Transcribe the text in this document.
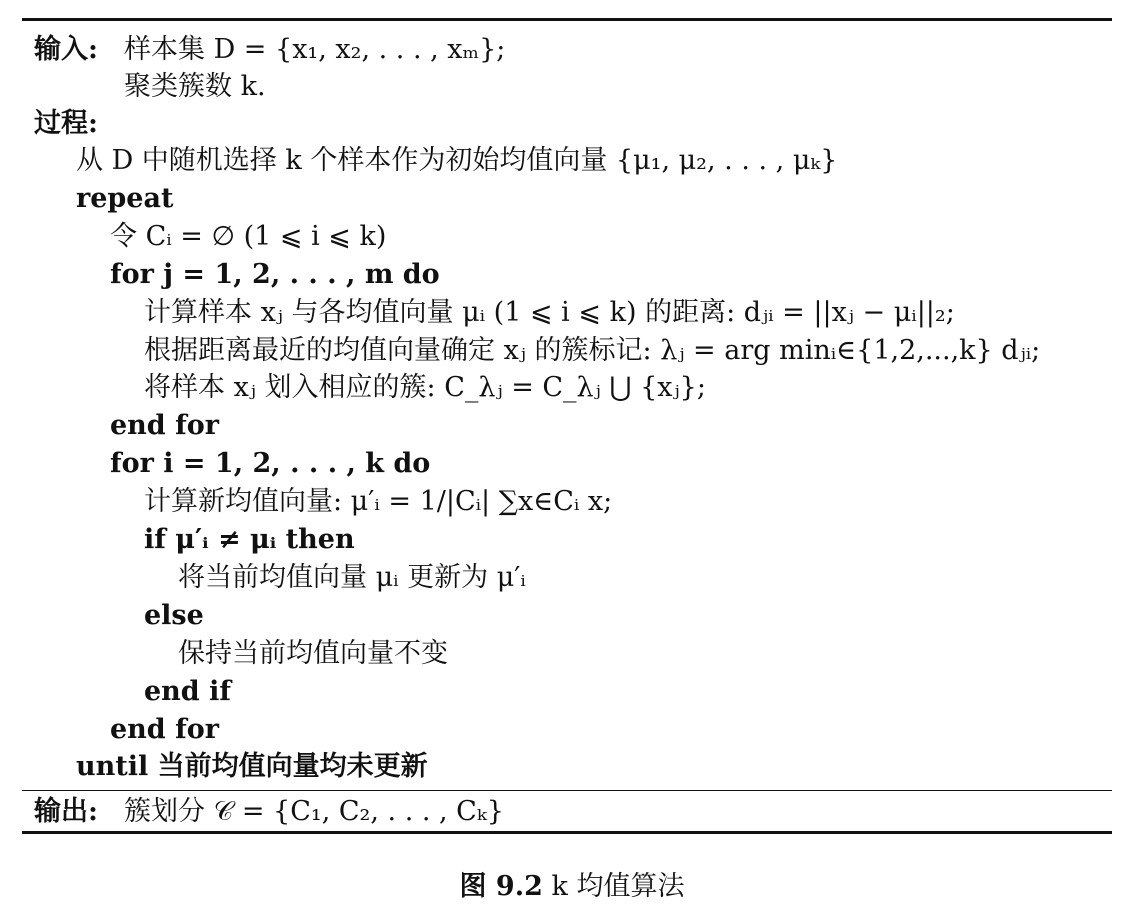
输入: 样本集 D = {x₁, x₂, . . . , xₘ};
聚类簇数 k.
过程:
从 D 中随机选择 k 个样本作为初始均值向量 {μ₁, μ₂, . . . , μₖ}
repeat
令 Cᵢ = ∅ (1 ⩽ i ⩽ k)
for j = 1, 2, . . . , m do
计算样本 xⱼ 与各均值向量 μᵢ (1 ⩽ i ⩽ k) 的距离: dⱼᵢ = ||xⱼ − μᵢ||₂;
根据距离最近的均值向量确定 xⱼ 的簇标记: λⱼ = arg minᵢ∈{1,2,...,k} dⱼᵢ;
将样本 xⱼ 划入相应的簇: C_λⱼ = C_λⱼ ⋃ {xⱼ};
end for
for i = 1, 2, . . . , k do
计算新均值向量: μ′ᵢ = 1/|Cᵢ| ∑x∈Cᵢ x;
if μ′ᵢ ≠ μᵢ then
将当前均值向量 μᵢ 更新为 μ′ᵢ
else
保持当前均值向量不变
end if
end for
until 当前均值向量均未更新
输出: 簇划分 𝒞 = {C₁, C₂, . . . , Cₖ}
图 9.2 k 均值算法
